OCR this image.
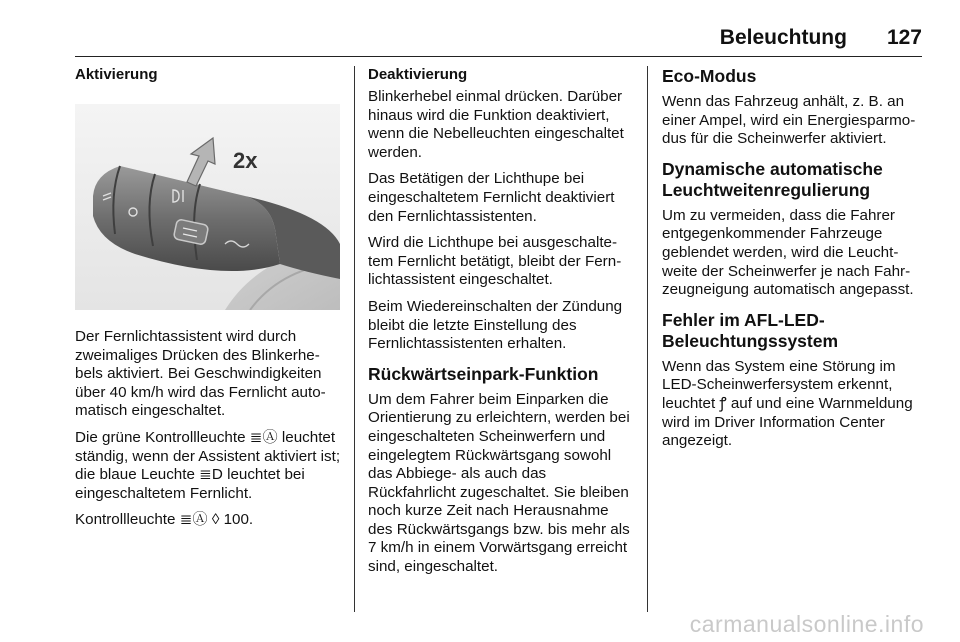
Beleuchtung 127
Aktivierung
2x

Der Fernlichtassistent wird durch zweimaliges Drücken des Blinkerhebels aktiviert. Bei Geschwindigkeiten über 40 km/h wird das Fernlicht automatisch eingeschaltet.

Die grüne Kontrollleuchte ≣Ⓐ leuchtet ständig, wenn der Assistent aktiviert ist; die blaue Leuchte ≣D leuchtet bei eingeschaltetem Fernlicht.

Kontrollleuchte ≣Ⓐ ◊ 100.

Deaktivierung

Blinkerhebel einmal drücken. Darüber hinaus wird die Funktion deaktiviert, wenn die Nebelleuchten eingeschaltet werden.

Das Betätigen der Lichthupe bei eingeschaltetem Fernlicht deaktiviert den Fernlichtassistenten.

Wird die Lichthupe bei ausgeschaltetem Fernlicht betätigt, bleibt der Fernlichtassistent eingeschaltet.

Beim Wiedereinschalten der Zündung bleibt die letzte Einstellung des Fernlichtassistenten erhalten.

Rückwärtseinpark-Funktion

Um dem Fahrer beim Einparken die Orientierung zu erleichtern, werden bei eingeschalteten Scheinwerfern und eingelegtem Rückwärtsgang sowohl das Abbiege- als auch das Rückfahrlicht zugeschaltet. Sie bleiben noch kurze Zeit nach Herausnahme des Rückwärtsgangs bzw. bis mehr als 7 km/h in einem Vorwärtsgang erreicht sind, eingeschaltet.

Eco-Modus

Wenn das Fahrzeug anhält, z. B. an einer Ampel, wird ein Energiesparmodus für die Scheinwerfer aktiviert.

Dynamische automatische Leuchtweitenregulierung

Um zu vermeiden, dass die Fahrer entgegenkommender Fahrzeuge geblendet werden, wird die Leuchtweite der Scheinwerfer je nach Fahrzeugneigung automatisch angepasst.

Fehler im AFL-LED-Beleuchtungssystem

Wenn das System eine Störung im LED-Scheinwerfersystem erkennt, leuchtet ꝭ auf und eine Warnmeldung wird im Driver Information Center angezeigt.

carmanualsonline.info
